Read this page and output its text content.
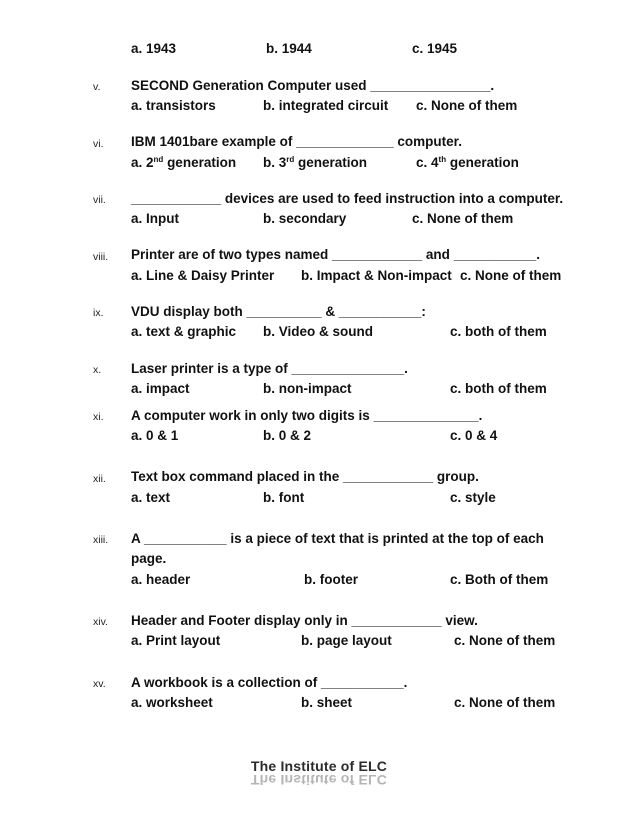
a. 1943	b. 1944	c. 1945
v. SECOND Generation Computer used ________________.
a. transistors	b. integrated circuit c. None of them
vi. IBM 1401bare example of _____________ computer.
a. 2nd generation b. 3rd generation	c. 4th generation
vii. ____________ devices are used to feed instruction into a computer.
a. Input	b. secondary	c. None of them
viii. Printer are of two types named ____________ and ___________.
a. Line & Daisy Printer b. Impact & Non-impact c. None of them
ix. VDU display both __________ & ___________:
a. text & graphic b. Video & sound	c. both of them
x. Laser printer is a type of _______________.
a. impact	b. non-impact	c. both of them
xi. A computer work in only two digits is ______________.
a. 0 & 1	b. 0 & 2	c. 0 & 4
xii. Text box command placed in the ____________ group.
a. text	b. font	c. style
xiii. A ___________ is a piece of text that is printed at the top of each
page.
a. header	b. footer	c. Both of them
xiv. Header and Footer display only in ____________ view.
a. Print layout	b. page layout	c. None of them
xv. A workbook is a collection of ___________.
a. worksheet	b. sheet	c. None of them
The Institute of ELC
The Institute of ELC
